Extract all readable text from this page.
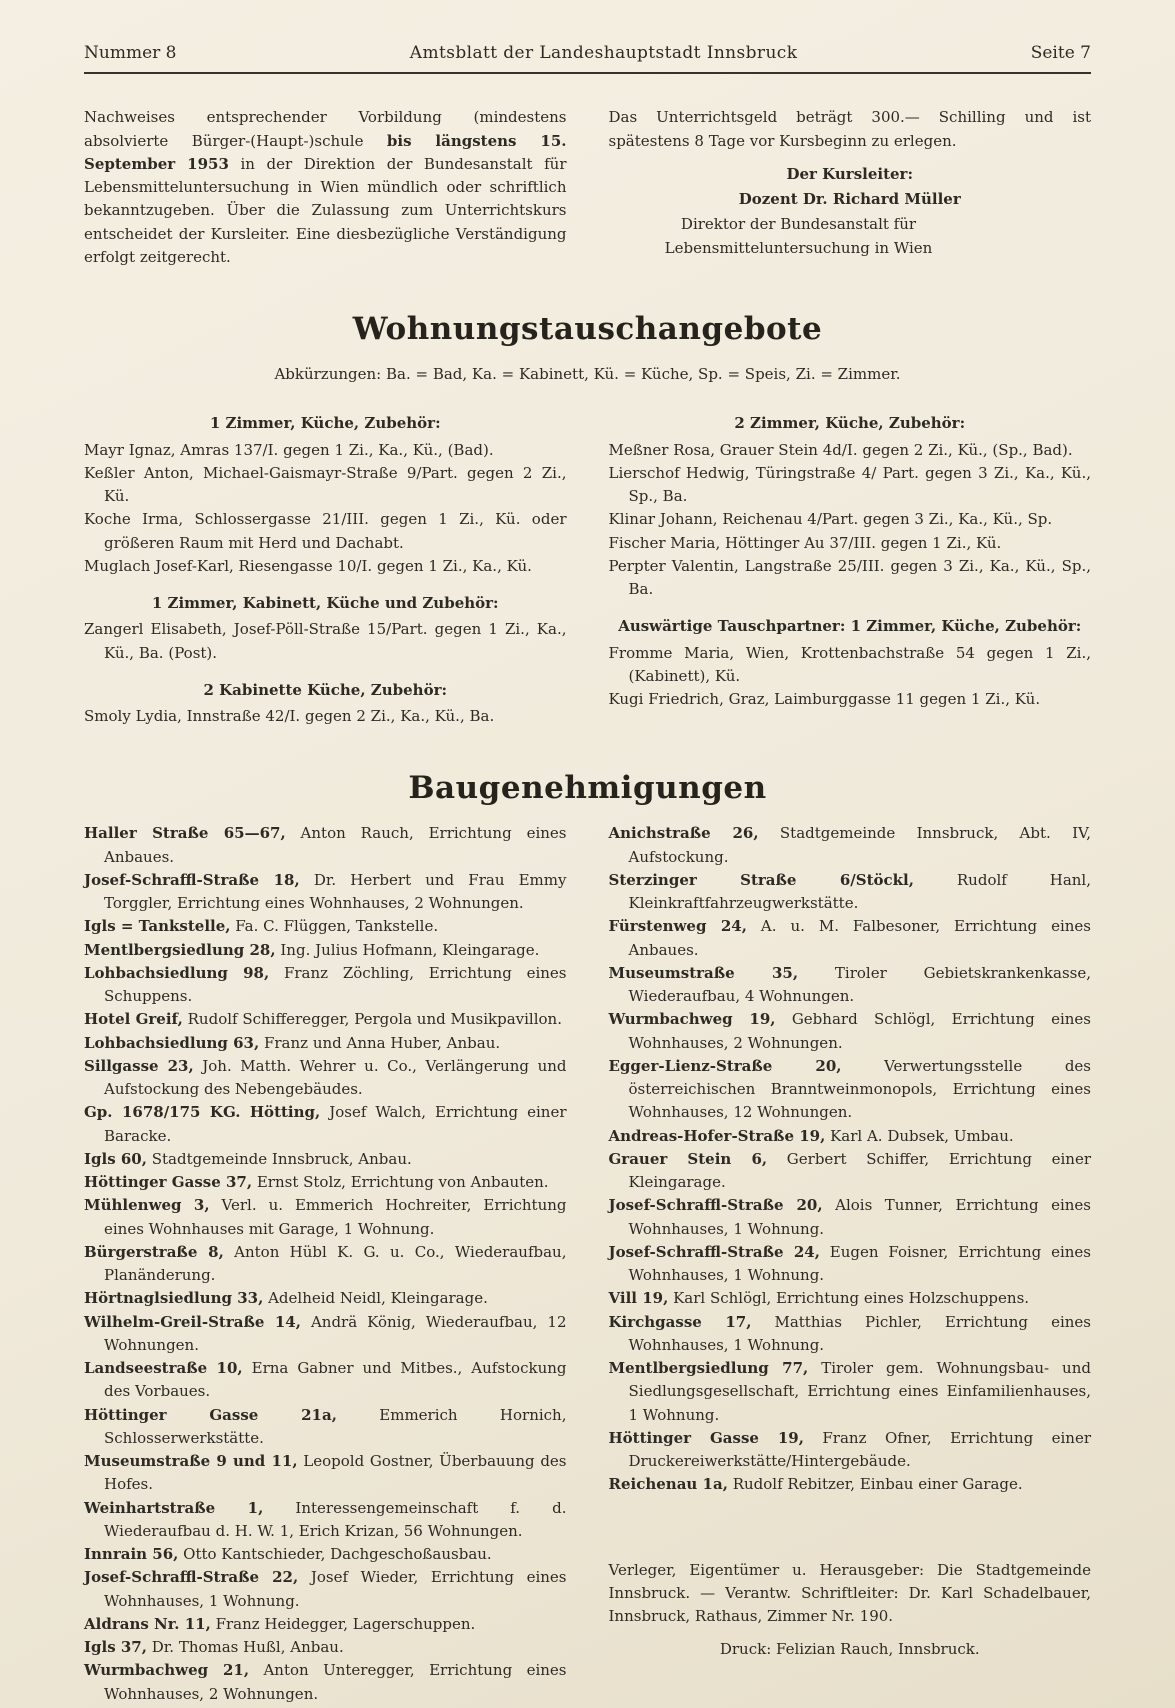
Nummer 8	Amtsblatt der Landeshauptstadt Innsbruck	Seite 7

Nachweises entsprechender Vorbildung (mindestens absolvierte Bürger-(Haupt-)schule bis längstens 15. September 1953 in der Direktion der Bundesanstalt für Lebensmitteluntersuchung in Wien mündlich oder schriftlich bekanntzugeben. Über die Zulassung zum Unterrichtskurs entscheidet der Kursleiter. Eine diesbezügliche Verständigung erfolgt zeitgerecht.

Das Unterrichtsgeld beträgt 300.— Schilling und ist spätestens 8 Tage vor Kursbeginn zu erlegen.

Der Kursleiter:

Dozent Dr. Richard Müller

Direktor der Bundesanstalt für Lebensmitteluntersuchung in Wien

Wohnungstauschangebote

Abkürzungen: Ba. = Bad, Ka. = Kabinett, Kü. = Küche, Sp. = Speis, Zi. = Zimmer.

1 Zimmer, Küche, Zubehör:

Mayr Ignaz, Amras 137/I. gegen 1 Zi., Ka., Kü., (Bad).

Keßler Anton, Michael-Gaismayr-Straße 9/Part. gegen 2 Zi., Kü.

Koche Irma, Schlossergasse 21/III. gegen 1 Zi., Kü. oder größeren Raum mit Herd und Dachabt.

Muglach Josef-Karl, Riesengasse 10/I. gegen 1 Zi., Ka., Kü.

1 Zimmer, Kabinett, Küche und Zubehör:

Zangerl Elisabeth, Josef-Pöll-Straße 15/Part. gegen 1 Zi., Ka., Kü., Ba. (Post).

2 Kabinette Küche, Zubehör:

Smoly Lydia, Innstraße 42/I. gegen 2 Zi., Ka., Kü., Ba.

2 Zimmer, Küche, Zubehör:

Meßner Rosa, Grauer Stein 4d/I. gegen 2 Zi., Kü., (Sp., Bad).

Lierschof Hedwig, Türingstraße 4/ Part. gegen 3 Zi., Ka., Kü., Sp., Ba.

Klinar Johann, Reichenau 4/Part. gegen 3 Zi., Ka., Kü., Sp.

Fischer Maria, Höttinger Au 37/III. gegen 1 Zi., Kü.

Perpter Valentin, Langstraße 25/III. gegen 3 Zi., Ka., Kü., Sp., Ba.

Auswärtige Tauschpartner: 1 Zimmer, Küche, Zubehör:

Fromme Maria, Wien, Krottenbachstraße 54 gegen 1 Zi., (Kabinett), Kü.

Kugi Friedrich, Graz, Laimburggasse 11 gegen 1 Zi., Kü.

Baugenehmigungen

Haller Straße 65—67, Anton Rauch, Errichtung eines Anbaues.

Josef-Schraffl-Straße 18, Dr. Herbert und Frau Emmy Torggler, Errichtung eines Wohnhauses, 2 Wohnungen.

Igls = Tankstelle, Fa. C. Flüggen, Tankstelle.

Mentlbergsiedlung 28, Ing. Julius Hofmann, Kleingarage.

Lohbachsiedlung 98, Franz Zöchling, Errichtung eines Schuppens.

Hotel Greif, Rudolf Schifferegger, Pergola und Musikpavillon.

Lohbachsiedlung 63, Franz und Anna Huber, Anbau.

Sillgasse 23, Joh. Matth. Wehrer u. Co., Verlängerung und Aufstockung des Nebengebäudes.

Gp. 1678/175 KG. Hötting, Josef Walch, Errichtung einer Baracke.

Igls 60, Stadtgemeinde Innsbruck, Anbau.

Höttinger Gasse 37, Ernst Stolz, Errichtung von Anbauten.

Mühlenweg 3, Verl. u. Emmerich Hochreiter, Errichtung eines Wohnhauses mit Garage, 1 Wohnung.

Bürgerstraße 8, Anton Hübl K. G. u. Co., Wiederaufbau, Planänderung.

Hörtnaglsiedlung 33, Adelheid Neidl, Kleingarage.

Wilhelm-Greil-Straße 14, Andrä König, Wiederaufbau, 12 Wohnungen.

Landseestraße 10, Erna Gabner und Mitbes., Aufstockung des Vorbaues.

Höttinger Gasse 21a, Emmerich Hornich, Schlosserwerkstätte.

Museumstraße 9 und 11, Leopold Gostner, Überbauung des Hofes.

Weinhartstraße 1, Interessengemeinschaft f. d. Wiederaufbau d. H. W. 1, Erich Krizan, 56 Wohnungen.

Innrain 56, Otto Kantschieder, Dachgeschoßausbau.

Josef-Schraffl-Straße 22, Josef Wieder, Errichtung eines Wohnhauses, 1 Wohnung.

Aldrans Nr. 11, Franz Heidegger, Lagerschuppen.

Igls 37, Dr. Thomas Hußl, Anbau.

Wurmbachweg 21, Anton Unteregger, Errichtung eines Wohnhauses, 2 Wohnungen.

Anichstraße 26, Stadtgemeinde Innsbruck, Abt. IV, Aufstockung.

Sterzinger Straße 6/Stöckl, Rudolf Hanl, Kleinkraftfahrzeugwerkstätte.

Fürstenweg 24, A. u. M. Falbesoner, Errichtung eines Anbaues.

Museumstraße 35, Tiroler Gebietskrankenkasse, Wiederaufbau, 4 Wohnungen.

Wurmbachweg 19, Gebhard Schlögl, Errichtung eines Wohnhauses, 2 Wohnungen.

Egger-Lienz-Straße 20, Verwertungsstelle des österreichischen Branntweinmonopols, Errichtung eines Wohnhauses, 12 Wohnungen.

Andreas-Hofer-Straße 19, Karl A. Dubsek, Umbau.

Grauer Stein 6, Gerbert Schiffer, Errichtung einer Kleingarage.

Josef-Schraffl-Straße 20, Alois Tunner, Errichtung eines Wohnhauses, 1 Wohnung.

Josef-Schraffl-Straße 24, Eugen Foisner, Errichtung eines Wohnhauses, 1 Wohnung.

Vill 19, Karl Schlögl, Errichtung eines Holzschuppens.

Kirchgasse 17, Matthias Pichler, Errichtung eines Wohnhauses, 1 Wohnung.

Mentlbergsiedlung 77, Tiroler gem. Wohnungsbau- und Siedlungsgesellschaft, Errichtung eines Einfamilienhauses, 1 Wohnung.

Höttinger Gasse 19, Franz Ofner, Errichtung einer Druckereiwerkstätte/Hintergebäude.

Reichenau 1a, Rudolf Rebitzer, Einbau einer Garage.

Verleger, Eigentümer u. Herausgeber: Die Stadtgemeinde Innsbruck. — Verantw. Schriftleiter: Dr. Karl Schadelbauer, Innsbruck, Rathaus, Zimmer Nr. 190.

Druck: Felizian Rauch, Innsbruck.
